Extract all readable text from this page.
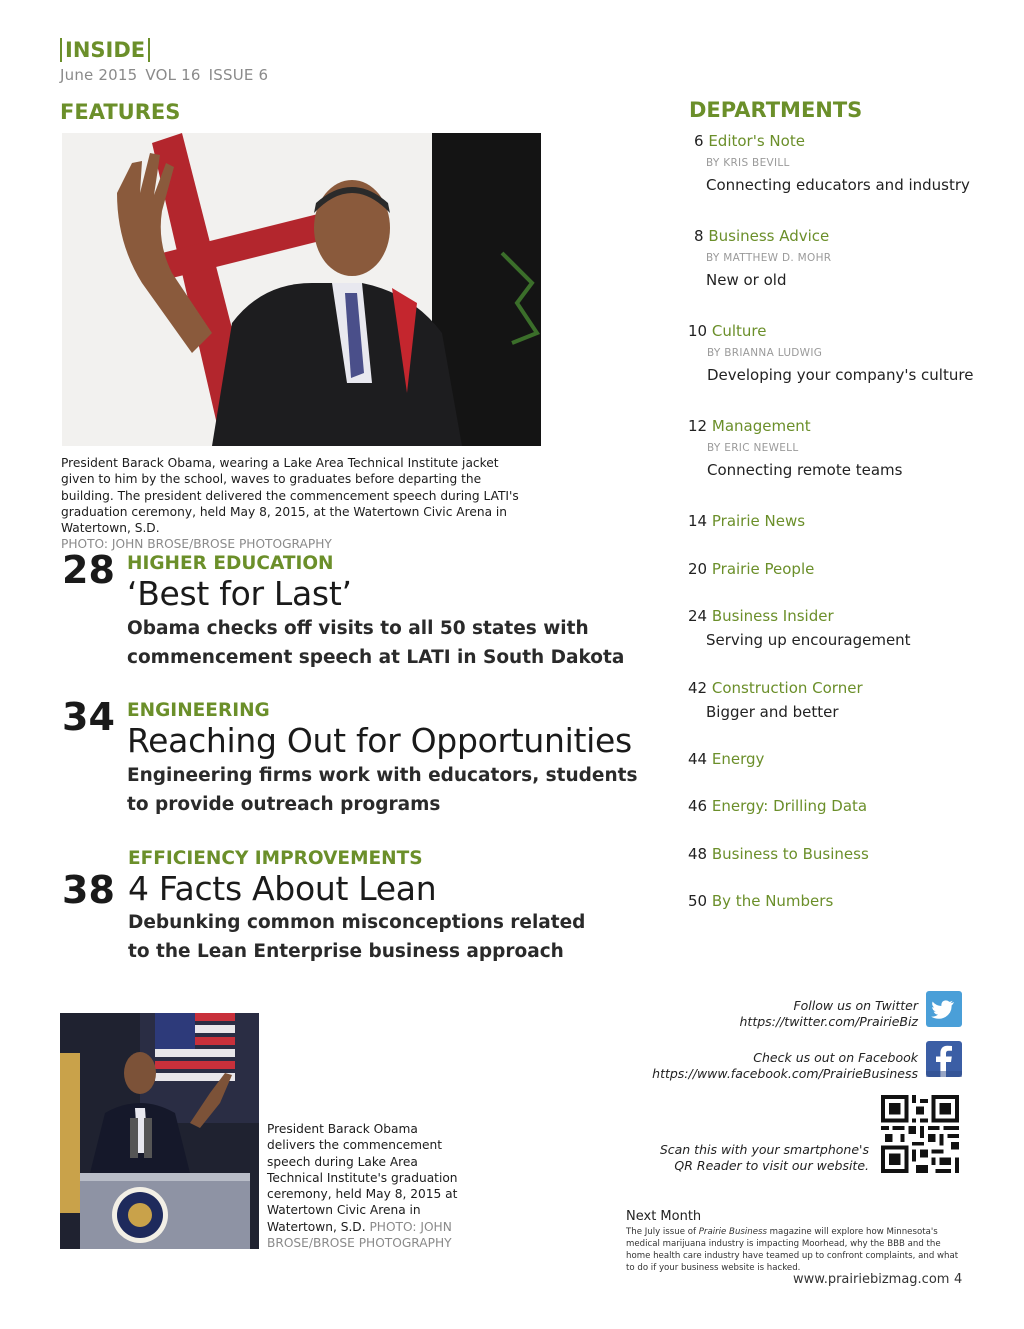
INSIDE
June 2015 VOL 16 ISSUE 6
FEATURES	DEPARTMENTS
President Barack Obama, wearing a Lake Area Technical Institute jacket given to him by the school, waves to graduates before departing the building. The president delivered the commencement speech during LATI's graduation ceremony, held May 8, 2015, at the Watertown Civic Arena in Watertown, S.D.
PHOTO: JOHN BROSE/BROSE PHOTOGRAPHY
28 HIGHER EDUCATION
‘Best for Last’
Obama checks off visits to all 50 states with
commencement speech at LATI in South Dakota
34 ENGINEERING
Reaching Out for Opportunities
Engineering firms work with educators, students
to provide outreach programs
EFFICIENCY IMPROVEMENTS
38 4 Facts About Lean
Debunking common misconceptions related
to the Lean Enterprise business approach
6 Editor's Note
BY KRIS BEVILL
Connecting educators and industry
8 Business Advice
BY MATTHEW D. MOHR
New or old
10 Culture
BY BRIANNA LUDWIG
Developing your company's culture
12 Management
BY ERIC NEWELL
Connecting remote teams
14 Prairie News
20 Prairie People
24 Business Insider
Serving up encouragement
42 Construction Corner
Bigger and better
44 Energy
46 Energy: Drilling Data
48 Business to Business
50 By the Numbers
Follow us on Twitter
https://twitter.com/PrairieBiz
Check us out on Facebook
https://www.facebook.com/PrairieBusiness
Scan this with your smartphone's
QR Reader to visit our website.
President Barack Obama delivers the commencement speech during Lake Area Technical Institute's graduation ceremony, held May 8, 2015 at Watertown Civic Arena in Watertown, S.D. PHOTO: JOHN BROSE/BROSE PHOTOGRAPHY
Next Month
The July issue of Prairie Business magazine will explore how Minnesota's medical marijuana industry is impacting Moorhead, why the BBB and the home health care industry have teamed up to confront complaints, and what to do if your business website is hacked.
www.prairiebizmag.com 4
